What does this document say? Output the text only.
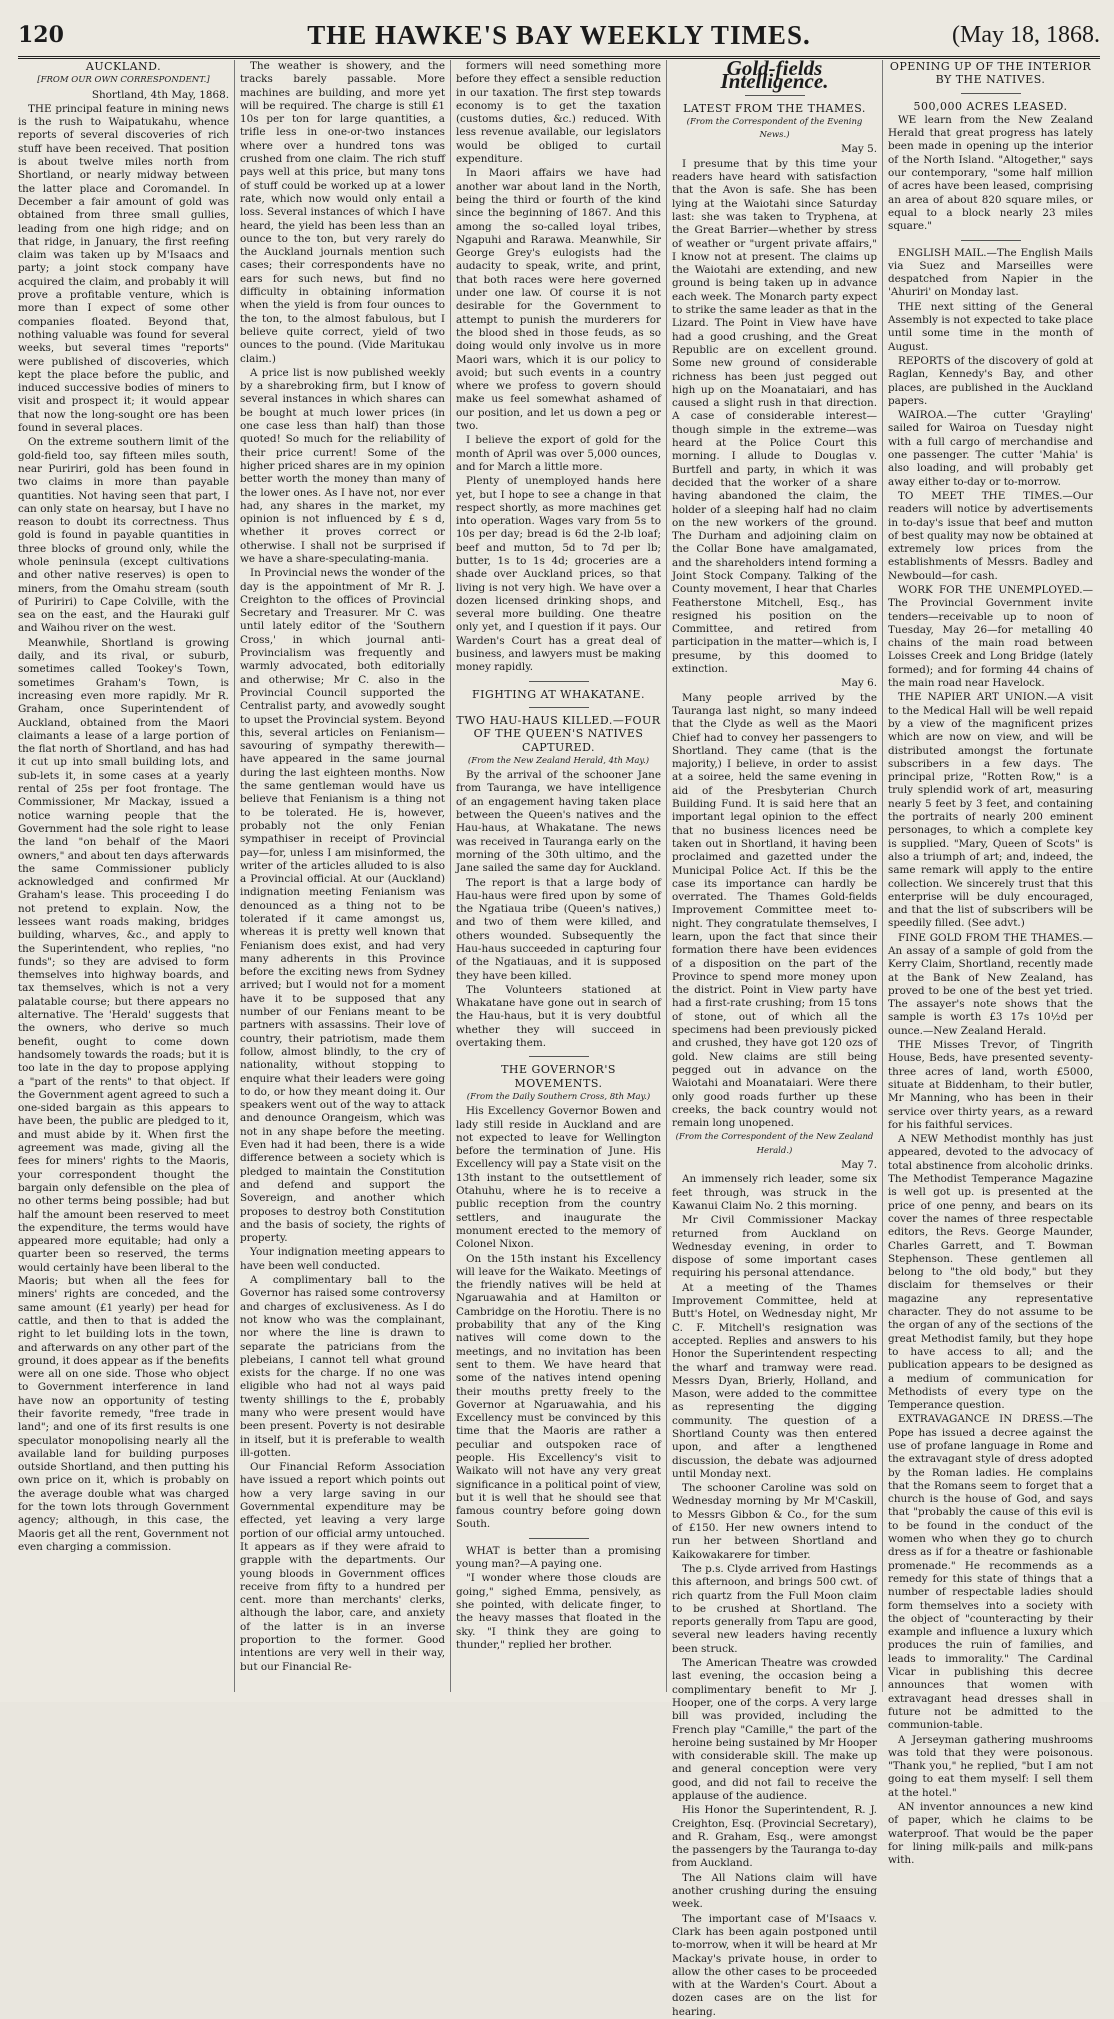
120	THE HAWKE'S BAY WEEKLY TIMES.	(May 18, 1868.

AUCKLAND.

[FROM OUR OWN CORRESPONDENT.]

Shortland, 4th May, 1868.

THE principal feature in mining news is the rush to Waipatukahu, whence reports of several discoveries of rich stuff have been received. That position is about twelve miles north from Shortland, or nearly midway between the latter place and Coromandel. In December a fair amount of gold was obtained from three small gullies, leading from one high ridge; and on that ridge, in January, the first reefing claim was taken up by M'Isaacs and party; a joint stock company have acquired the claim, and probably it will prove a profitable venture, which is more than I expect of some other companies floated. Beyond that, nothing valuable was found for several weeks, but several times "reports" were published of discoveries, which kept the place before the public, and induced successive bodies of miners to visit and prospect it; it would appear that now the long-sought ore has been found in several places.

On the extreme southern limit of the gold-field too, say fifteen miles south, near Puririri, gold has been found in two claims in more than payable quantities. Not having seen that part, I can only state on hearsay, but I have no reason to doubt its correctness. Thus gold is found in payable quantities in three blocks of ground only, while the whole peninsula (except cultivations and other native reserves) is open to miners, from the Omahu stream (south of Puririri) to Cape Colville, with the sea on the east, and the Hauraki gulf and Waihou river on the west.

Meanwhile, Shortland is growing daily, and its rival, or suburb, sometimes called Tookey's Town, sometimes Graham's Town, is increasing even more rapidly. Mr R. Graham, once Superintendent of Auckland, obtained from the Maori claimants a lease of a large portion of the flat north of Shortland, and has had it cut up into small building lots, and sub-lets it, in some cases at a yearly rental of 25s per foot frontage. The Commissioner, Mr Mackay, issued a notice warning people that the Government had the sole right to lease the land "on behalf of the Maori owners," and about ten days afterwards the same Commissioner publicly acknowledged and confirmed Mr Graham's lease. This proceeding I do not pretend to explain. Now, the lessees want roads making, bridges building, wharves, &c., and apply to the Superintendent, who replies, "no funds"; so they are advised to form themselves into highway boards, and tax themselves, which is not a very palatable course; but there appears no alternative. The 'Herald' suggests that the owners, who derive so much benefit, ought to come down handsomely towards the roads; but it is too late in the day to propose applying a "part of the rents" to that object. If the Government agent agreed to such a one-sided bargain as this appears to have been, the public are pledged to it, and must abide by it. When first the agreement was made, giving all the fees for miners' rights to the Maoris, your correspondent thought the bargain only defensible on the plea of no other terms being possible; had but half the amount been reserved to meet the expenditure, the terms would have appeared more equitable; had only a quarter been so reserved, the terms would certainly have been liberal to the Maoris; but when all the fees for miners' rights are conceded, and the same amount (£1 yearly) per head for cattle, and then to that is added the right to let building lots in the town, and afterwards on any other part of the ground, it does appear as if the benefits were all on one side. Those who object to Government interference in land have now an opportunity of testing their favorite remedy, "free trade in land"; and one of its first results is one speculator monopolising nearly all the available land for building purposes outside Shortland, and then putting his own price on it, which is probably on the average double what was charged for the town lots through Government agency; although, in this case, the Maoris get all the rent, Government not even charging a commission.

The weather is showery, and the tracks barely passable. More machines are building, and more yet will be required. The charge is still £1 10s per ton for large quantities, a trifle less in one-or-two instances where over a hundred tons was crushed from one claim. The rich stuff pays well at this price, but many tons of stuff could be worked up at a lower rate, which now would only entail a loss. Several instances of which I have heard, the yield has been less than an ounce to the ton, but very rarely do the Auckland journals mention such cases; their correspondents have no ears for such news, but find no difficulty in obtaining information when the yield is from four ounces to the ton, to the almost fabulous, but I believe quite correct, yield of two ounces to the pound. (Vide Maritukau claim.)

A price list is now published weekly by a sharebroking firm, but I know of several instances in which shares can be bought at much lower prices (in one case less than half) than those quoted! So much for the reliability of their price current! Some of the higher priced shares are in my opinion better worth the money than many of the lower ones. As I have not, nor ever had, any shares in the market, my opinion is not influenced by £ s d, whether it proves correct or otherwise. I shall not be surprised if we have a share-speculating-mania.

In Provincial news the wonder of the day is the appointment of Mr R. J. Creighton to the offices of Provincial Secretary and Treasurer. Mr C. was until lately editor of the 'Southern Cross,' in which journal anti-Provincialism was frequently and warmly advocated, both editorially and otherwise; Mr C. also in the Provincial Council supported the Centralist party, and avowedly sought to upset the Provincial system. Beyond this, several articles on Fenianism—savouring of sympathy therewith—have appeared in the same journal during the last eighteen months. Now the same gentleman would have us believe that Fenianism is a thing not to be tolerated. He is, however, probably not the only Fenian sympathiser in receipt of Provincial pay—for, unless I am misinformed, the writer of the articles alluded to is also a Provincial official. At our (Auckland) indignation meeting Fenianism was denounced as a thing not to be tolerated if it came amongst us, whereas it is pretty well known that Fenianism does exist, and had very many adherents in this Province before the exciting news from Sydney arrived; but I would not for a moment have it to be supposed that any number of our Fenians meant to be partners with assassins. Their love of country, their patriotism, made them follow, almost blindly, to the cry of nationality, without stopping to enquire what their leaders were going to do, or how they meant doing it. Our speakers went out of the way to attack and denounce Orangeism, which was not in any shape before the meeting. Even had it had been, there is a wide difference between a society which is pledged to maintain the Constitution and defend and support the Sovereign, and another which proposes to destroy both Constitution and the basis of society, the rights of property.

Your indignation meeting appears to have been well conducted.

A complimentary ball to the Governor has raised some controversy and charges of exclusiveness. As I do not know who was the complainant, nor where the line is drawn to separate the patricians from the plebeians, I cannot tell what ground exists for the charge. If no one was eligible who had not al ways paid twenty shillings to the £, probably many who were present would have been present. Poverty is not desirable in itself, but it is preferable to wealth ill-gotten.

Our Financial Reform Association have issued a report which points out how a very large saving in our Governmental expenditure may be effected, yet leaving a very large portion of our official army untouched. It appears as if they were afraid to grapple with the departments. Our young bloods in Government offices receive from fifty to a hundred per cent. more than merchants' clerks, although the labor, care, and anxiety of the latter is in an inverse proportion to the former. Good intentions are very well in their way, but our Financial Re-

formers will need something more before they effect a sensible reduction in our taxation. The first step towards economy is to get the taxation (customs duties, &c.) reduced. With less revenue available, our legislators would be obliged to curtail expenditure.

In Maori affairs we have had another war about land in the North, being the third or fourth of the kind since the beginning of 1867. And this among the so-called loyal tribes, Ngapuhi and Rarawa. Meanwhile, Sir George Grey's eulogists had the audacity to speak, write, and print, that both races were here governed under one law. Of course it is not desirable for the Government to attempt to punish the murderers for the blood shed in those feuds, as so doing would only involve us in more Maori wars, which it is our policy to avoid; but such events in a country where we profess to govern should make us feel somewhat ashamed of our position, and let us down a peg or two.

I believe the export of gold for the month of April was over 5,000 ounces, and for March a little more.

Plenty of unemployed hands here yet, but I hope to see a change in that respect shortly, as more machines get into operation. Wages vary from 5s to 10s per day; bread is 6d the 2-lb loaf; beef and mutton, 5d to 7d per lb; butter, 1s to 1s 4d; groceries are a shade over Auckland prices, so that living is not very high. We have over a dozen licensed drinking shops, and several more building. One theatre only yet, and I question if it pays. Our Warden's Court has a great deal of business, and lawyers must be making money rapidly.

FIGHTING AT WHAKATANE.

TWO HAU-HAUS KILLED.—FOUR OF THE QUEEN'S NATIVES CAPTURED.

(From the New Zealand Herald, 4th May.)

By the arrival of the schooner Jane from Tauranga, we have intelligence of an engagement having taken place between the Queen's natives and the Hau-haus, at Whakatane. The news was received in Tauranga early on the morning of the 30th ultimo, and the Jane sailed the same day for Auckland.

The report is that a large body of Hau-haus were fired upon by some of the Ngatiaua tribe (Queen's natives,) and two of them were killed, and others wounded. Subsequently the Hau-haus succeeded in capturing four of the Ngatiauas, and it is supposed they have been killed.

The Volunteers stationed at Whakatane have gone out in search of the Hau-haus, but it is very doubtful whether they will succeed in overtaking them.

THE GOVERNOR'S MOVEMENTS.

(From the Daily Southern Cross, 8th May.)

His Excellency Governor Bowen and lady still reside in Auckland and are not expected to leave for Wellington before the termination of June. His Excellency will pay a State visit on the 13th instant to the outsettlement of Otahuhu, where he is to receive a public reception from the country settlers, and inaugurate the monument erected to the memory of Colonel Nixon.

On the 15th instant his Excellency will leave for the Waikato. Meetings of the friendly natives will be held at Ngaruawahia and at Hamilton or Cambridge on the Horotiu. There is no probability that any of the King natives will come down to the meetings, and no invitation has been sent to them. We have heard that some of the natives intend opening their mouths pretty freely to the Governor at Ngaruawahia, and his Excellency must be convinced by this time that the Maoris are rather a peculiar and outspoken race of people. His Excellency's visit to Waikato will not have any very great significance in a political point of view, but it is well that he should see that famous country before going down South.

WHAT is better than a promising young man?—A paying one.

"I wonder where those clouds are going," sighed Emma, pensively, as she pointed, with delicate finger, to the heavy masses that floated in the sky. "I think they are going to thunder," replied her brother.

Gold-fields Intelligence.

LATEST FROM THE THAMES.

(From the Correspondent of the Evening News.)

May 5.

I presume that by this time your readers have heard with satisfaction that the Avon is safe. She has been lying at the Waiotahi since Saturday last: she was taken to Tryphena, at the Great Barrier—whether by stress of weather or "urgent private affairs," I know not at present. The claims up the Waiotahi are extending, and new ground is being taken up in advance each week. The Monarch party expect to strike the same leader as that in the Lizard. The Point in View have have had a good crushing, and the Great Republic are on excellent ground. Some new ground of considerable richness has been just pegged out high up on the Moanataiari, and has caused a slight rush in that direction. A case of considerable interest—though simple in the extreme—was heard at the Police Court this morning. I allude to Douglas v. Burtfell and party, in which it was decided that the worker of a share having abandoned the claim, the holder of a sleeping half had no claim on the new workers of the ground. The Durham and adjoining claim on the Collar Bone have amalgamated, and the shareholders intend forming a Joint Stock Company. Talking of the County movement, I hear that Charles Featherstone Mitchell, Esq., has resigned his position on the Committee, and retired from participation in the matter—which is, I presume, by this doomed to extinction.

May 6.

Many people arrived by the Tauranga last night, so many indeed that the Clyde as well as the Maori Chief had to convey her passengers to Shortland. They came (that is the majority,) I believe, in order to assist at a soiree, held the same evening in aid of the Presbyterian Church Building Fund. It is said here that an important legal opinion to the effect that no business licences need be taken out in Shortland, it having been proclaimed and gazetted under the Municipal Police Act. If this be the case its importance can hardly be overrated. The Thames Gold-fields Improvement Committee meet to-night. They congratulate themselves, I learn, upon the fact that since their formation there have been evidences of a disposition on the part of the Province to spend more money upon the district. Point in View party have had a first-rate crushing; from 15 tons of stone, out of which all the specimens had been previously picked and crushed, they have got 120 ozs of gold. New claims are still being pegged out in advance on the Waiotahi and Moanataiari. Were there only good roads further up these creeks, the back country would not remain long unopened.

(From the Correspondent of the New Zealand Herald.)

May 7.

An immensely rich leader, some six feet through, was struck in the Kawanui Claim No. 2 this morning.

Mr Civil Commissioner Mackay returned from Auckland on Wednesday evening, in order to dispose of some important cases requiring his personal attendance.

At a meeting of the Thames Improvement Committee, held at Butt's Hotel, on Wednesday night, Mr C. F. Mitchell's resignation was accepted. Replies and answers to his Honor the Superintendent respecting the wharf and tramway were read. Messrs Dyan, Brierly, Holland, and Mason, were added to the committee as representing the digging community. The question of a Shortland County was then entered upon, and after a lengthened discussion, the debate was adjourned until Monday next.

The schooner Caroline was sold on Wednesday morning by Mr M'Caskill, to Messrs Gibbon & Co., for the sum of £150. Her new owners intend to run her between Shortland and Kaikowakarere for timber.

The p.s. Clyde arrived from Hastings this afternoon, and brings 500 cwt. of rich quartz from the Full Moon claim to be crushed at Shortland. The reports generally from Tapu are good, several new leaders having recently been struck.

The American Theatre was crowded last evening, the occasion being a complimentary benefit to Mr J. Hooper, one of the corps. A very large bill was provided, including the French play "Camille," the part of the heroine being sustained by Mr Hooper with considerable skill. The make up and general conception were very good, and did not fail to receive the applause of the audience.

His Honor the Superintendent, R. J. Creighton, Esq. (Provincial Secretary), and R. Graham, Esq., were amongst the passengers by the Tauranga to-day from Auckland.

The All Nations claim will have another crushing during the ensuing week.

The important case of M'Isaacs v. Clark has been again postponed until to-morrow, when it will be heard at Mr Mackay's private house, in order to allow the other cases to be proceeded with at the Warden's Court. About a dozen cases are on the list for hearing.

OPENING UP OF THE INTERIOR BY THE NATIVES.

500,000 ACRES LEASED.

WE learn from the New Zealand Herald that great progress has lately been made in opening up the interior of the North Island. "Altogether," says our contemporary, "some half million of acres have been leased, comprising an area of about 820 square miles, or equal to a block nearly 23 miles square."

ENGLISH MAIL.—The English Mails via Suez and Marseilles were despatched from Napier in the 'Ahuriri' on Monday last.

THE next sitting of the General Assembly is not expected to take place until some time in the month of August.

REPORTS of the discovery of gold at Raglan, Kennedy's Bay, and other places, are published in the Auckland papers.

WAIROA.—The cutter 'Grayling' sailed for Wairoa on Tuesday night with a full cargo of merchandise and one passenger. The cutter 'Mahia' is also loading, and will probably get away either to-day or to-morrow.

TO MEET THE TIMES.—Our readers will notice by advertisements in to-day's issue that beef and mutton of best quality may now be obtained at extremely low prices from the establishments of Messrs. Badley and Newbould—for cash.

WORK FOR THE UNEMPLOYED.—The Provincial Government invite tenders—receivable up to noon of Tuesday, May 26—for metalling 40 chains of the main road between Loisses Creek and Long Bridge (lately formed); and for forming 44 chains of the main road near Havelock.

THE NAPIER ART UNION.—A visit to the Medical Hall will be well repaid by a view of the magnificent prizes which are now on view, and will be distributed amongst the fortunate subscribers in a few days. The principal prize, "Rotten Row," is a truly splendid work of art, measuring nearly 5 feet by 3 feet, and containing the portraits of nearly 200 eminent personages, to which a complete key is supplied. "Mary, Queen of Scots" is also a triumph of art; and, indeed, the same remark will apply to the entire collection. We sincerely trust that this enterprise will be duly encouraged, and that the list of subscribers will be speedily filled. (See advt.)

FINE GOLD FROM THE THAMES.—An assay of a sample of gold from the Kerry Claim, Shortland, recently made at the Bank of New Zealand, has proved to be one of the best yet tried. The assayer's note shows that the sample is worth £3 17s 10½d per ounce.—New Zealand Herald.

THE Misses Trevor, of Tingrith House, Beds, have presented seventy-three acres of land, worth £5000, situate at Biddenham, to their butler, Mr Manning, who has been in their service over thirty years, as a reward for his faithful services.

A NEW Methodist monthly has just appeared, devoted to the advocacy of total abstinence from alcoholic drinks. The Methodist Temperance Magazine is well got up. is presented at the price of one penny, and bears on its cover the names of three respectable editors, the Revs. George Maunder, Charles Garrett, and T. Bowman Stephenson. These gentlemen all belong to "the old body," but they disclaim for themselves or their magazine any representative character. They do not assume to be the organ of any of the sections of the great Methodist family, but they hope to have access to all; and the publication appears to be designed as a medium of communication for Methodists of every type on the Temperance question.

EXTRAVAGANCE IN DRESS.—The Pope has issued a decree against the use of profane language in Rome and the extravagant style of dress adopted by the Roman ladies. He complains that the Romans seem to forget that a church is the house of God, and says that "probably the cause of this evil is to be found in the conduct of the women who when they go to church dress as if for a theatre or fashionable promenade." He recommends as a remedy for this state of things that a number of respectable ladies should form themselves into a society with the object of "counteracting by their example and influence a luxury which produces the ruin of families, and leads to immorality." The Cardinal Vicar in publishing this decree announces that women with extravagant head dresses shall in future not be admitted to the communion-table.

A Jerseyman gathering mushrooms was told that they were poisonous. "Thank you," he replied, "but I am not going to eat them myself: I sell them at the hotel."

AN inventor announces a new kind of paper, which he claims to be waterproof. That would be the paper for lining milk-pails and milk-pans with.
